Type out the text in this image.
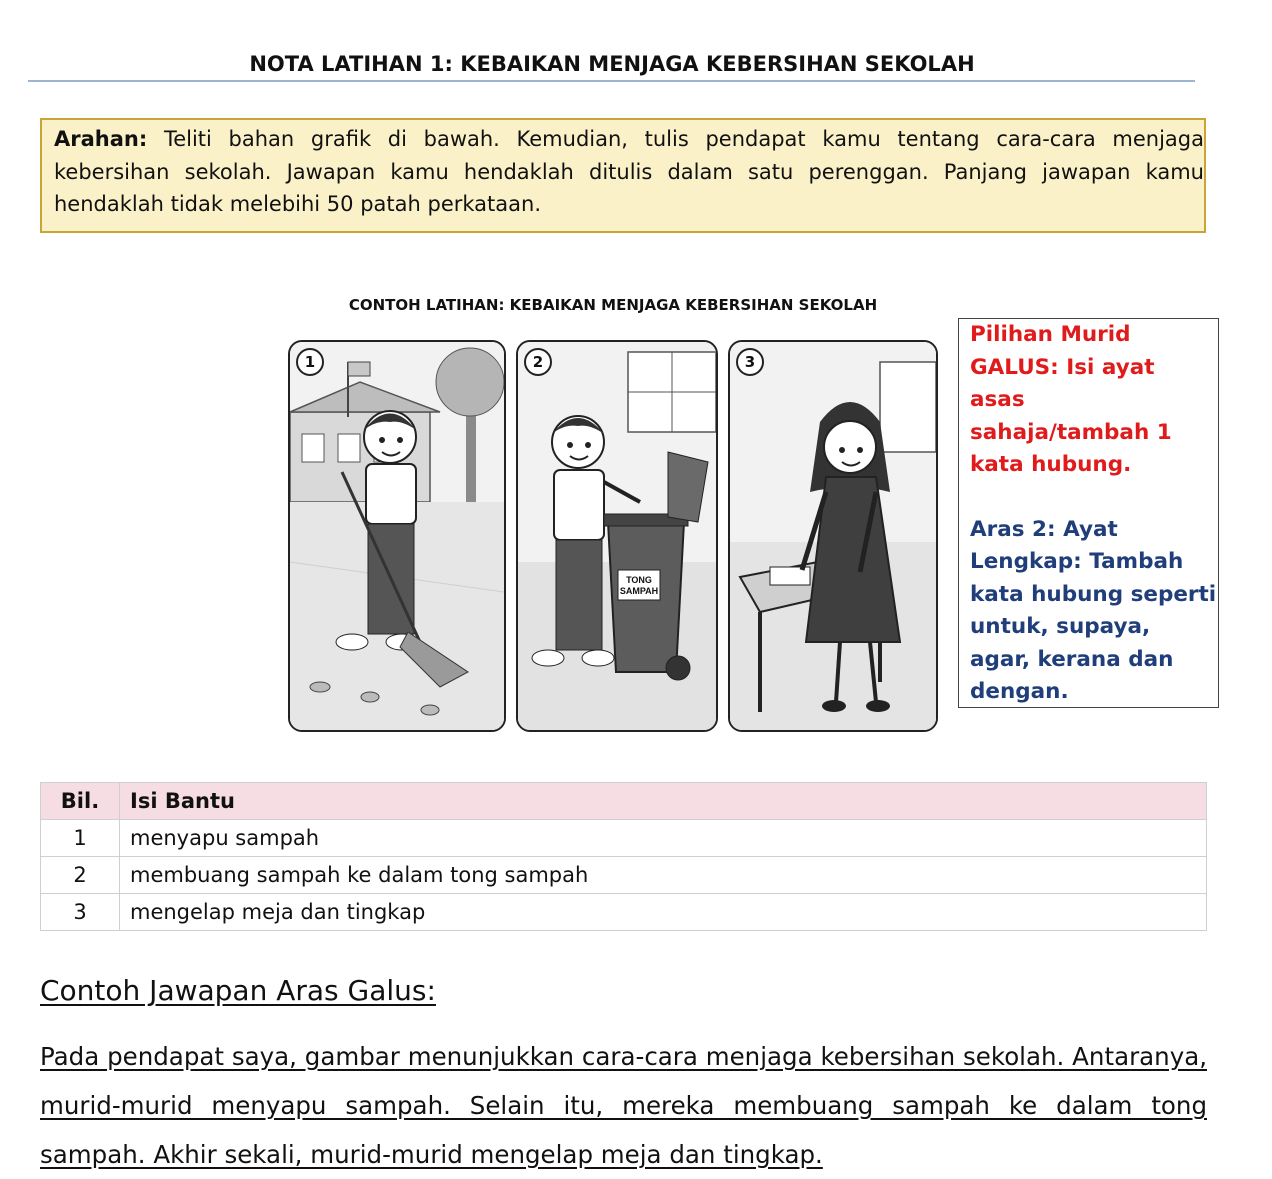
NOTA LATIHAN 1: KEBAIKAN MENJAGA KEBERSIHAN SEKOLAH
Arahan: Teliti bahan grafik di bawah. Kemudian, tulis pendapat kamu tentang cara-cara menjaga kebersihan sekolah. Jawapan kamu hendaklah ditulis dalam satu perenggan. Panjang jawapan kamu hendaklah tidak melebihi 50 patah perkataan.
CONTOH LATIHAN: KEBAIKAN MENJAGA KEBERSIHAN SEKOLAH
1
TONG
SAMPAH
2	3
Pilihan Murid
GALUS: Isi ayat
asas
sahaja/tambah 1
kata hubung.
Aras 2: Ayat
Lengkap: Tambah
kata hubung seperti
untuk, supaya,
agar, kerana dan
dengan.
Bil.	Isi Bantu
1	menyapu sampah
2	membuang sampah ke dalam tong sampah
3	mengelap meja dan tingkap
Contoh Jawapan Aras Galus:
Pada pendapat saya, gambar menunjukkan cara-cara menjaga kebersihan sekolah. Antaranya, murid-murid menyapu sampah. Selain itu, mereka membuang sampah ke dalam tong sampah. Akhir sekali, murid-murid mengelap meja dan tingkap.
